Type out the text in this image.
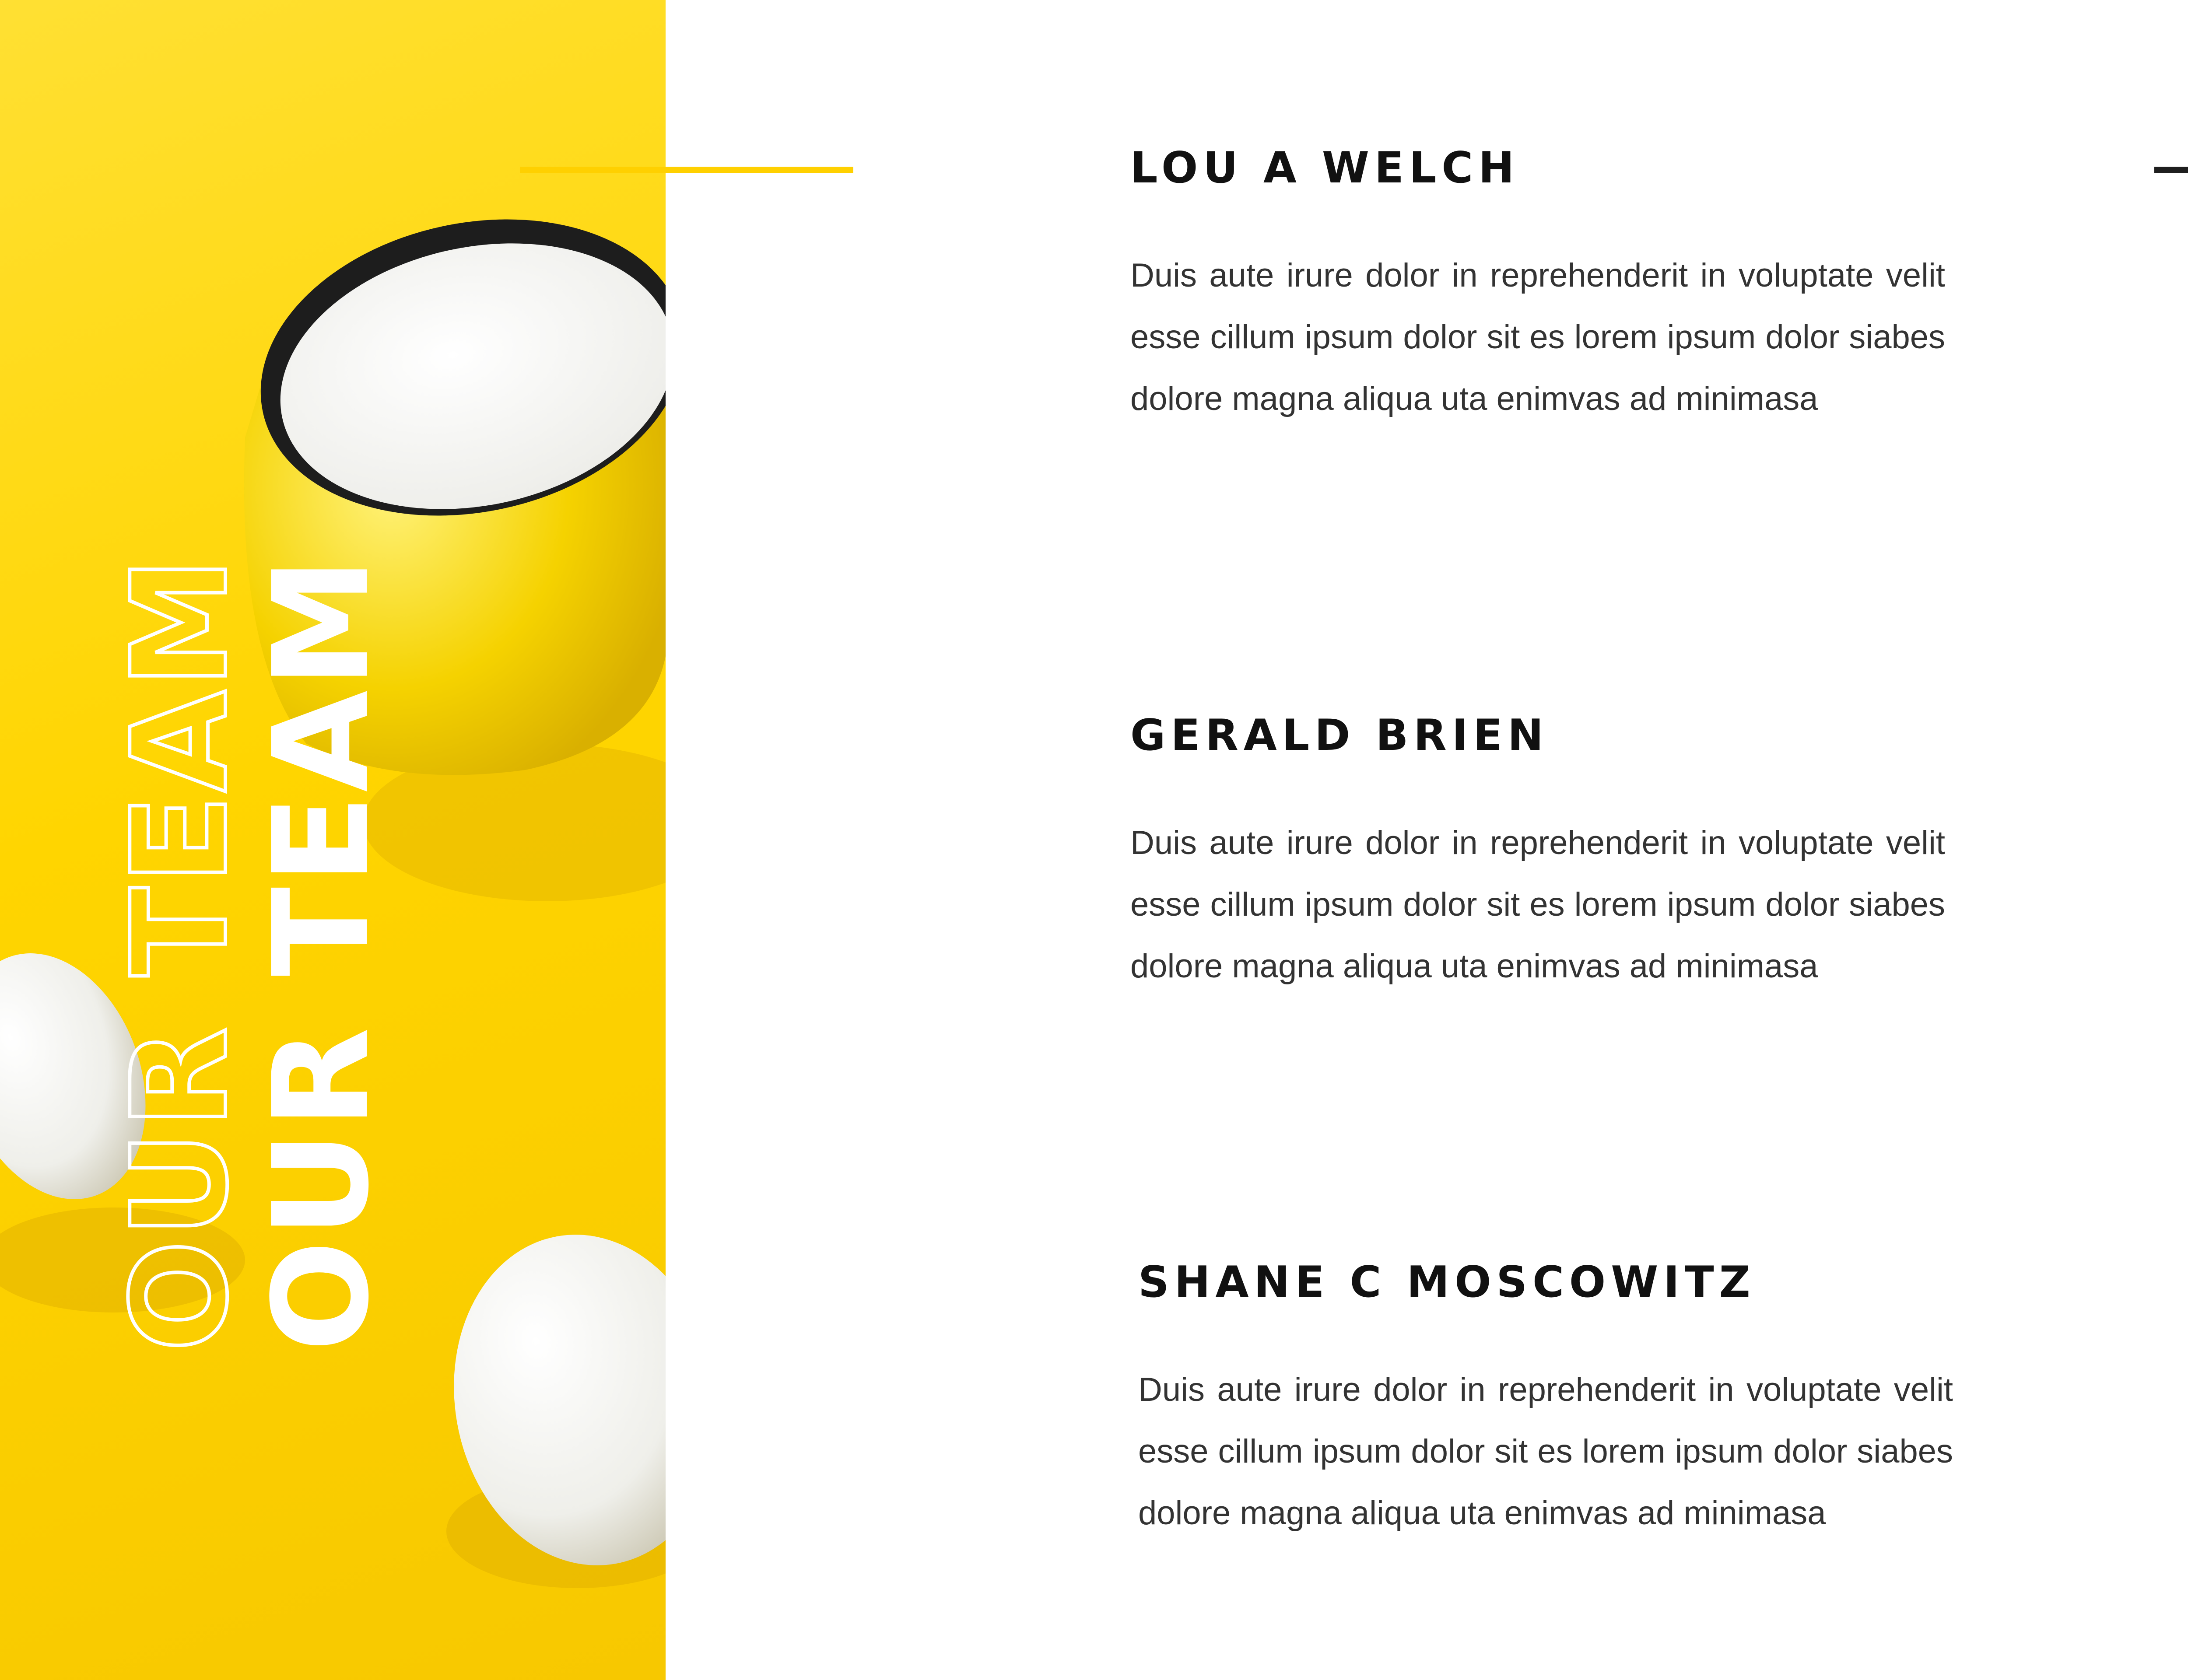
OUR TEAM
OUR TEAM
LOU A WELCH

Duis aute irure dolor in reprehenderit in voluptate velit esse cillum ipsum dolor sit es lorem ipsum dolor siabes dolore magna aliqua uta enimvas ad minimasa

GERALD BRIEN

Duis aute irure dolor in reprehenderit in voluptate velit esse cillum ipsum dolor sit es lorem ipsum dolor siabes dolore magna aliqua uta enimvas ad minimasa

SHANE C MOSCOWITZ

Duis aute irure dolor in reprehenderit in voluptate velit esse cillum ipsum dolor sit es lorem ipsum dolor siabes dolore magna aliqua uta enimvas ad minimasa
